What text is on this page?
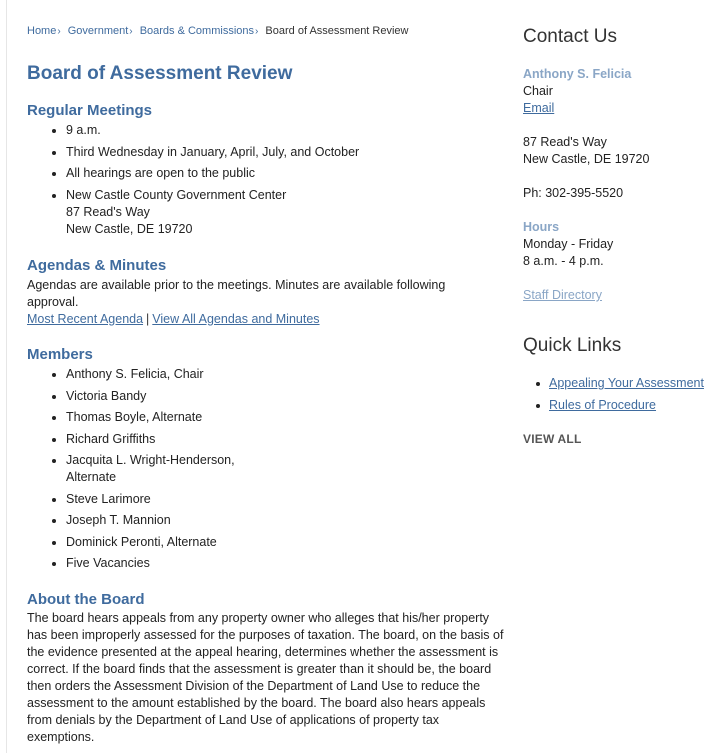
Home› Government› Boards & Commissions› Board of Assessment Review
Board of Assessment Review
Regular Meetings
9 a.m.
Third Wednesday in January, April, July, and October
All hearings are open to the public
New Castle County Government Center
87 Read's Way
New Castle, DE 19720
Agendas & Minutes

Agendas are available prior to the meetings. Minutes are available following approval.

Most Recent Agenda | View All Agendas and Minutes
Members
Anthony S. Felicia, Chair
Victoria Bandy
Thomas Boyle, Alternate
Richard Griffiths
Jacquita L. Wright-Henderson, Alternate
Steve Larimore
Joseph T. Mannion
Dominick Peronti, Alternate
Five Vacancies
About the Board

The board hears appeals from any property owner who alleges that his/her property has been improperly assessed for the purposes of taxation. The board, on the basis of the evidence presented at the appeal hearing, determines whether the assessment is correct. If the board finds that the assessment is greater than it should be, the board then orders the Assessment Division of the Department of Land Use to reduce the assessment to the amount established by the board. The board also hears appeals from denials by the Department of Land Use of applications of property tax exemptions.

Contact Us
Anthony S. Felicia
Chair
Email
87 Read's Way
New Castle, DE 19720
Ph: 302-395-5520
Hours
Monday - Friday
8 a.m. - 4 p.m.
Staff Directory
Quick Links
Appealing Your Assessment
Rules of Procedure
VIEW ALL
